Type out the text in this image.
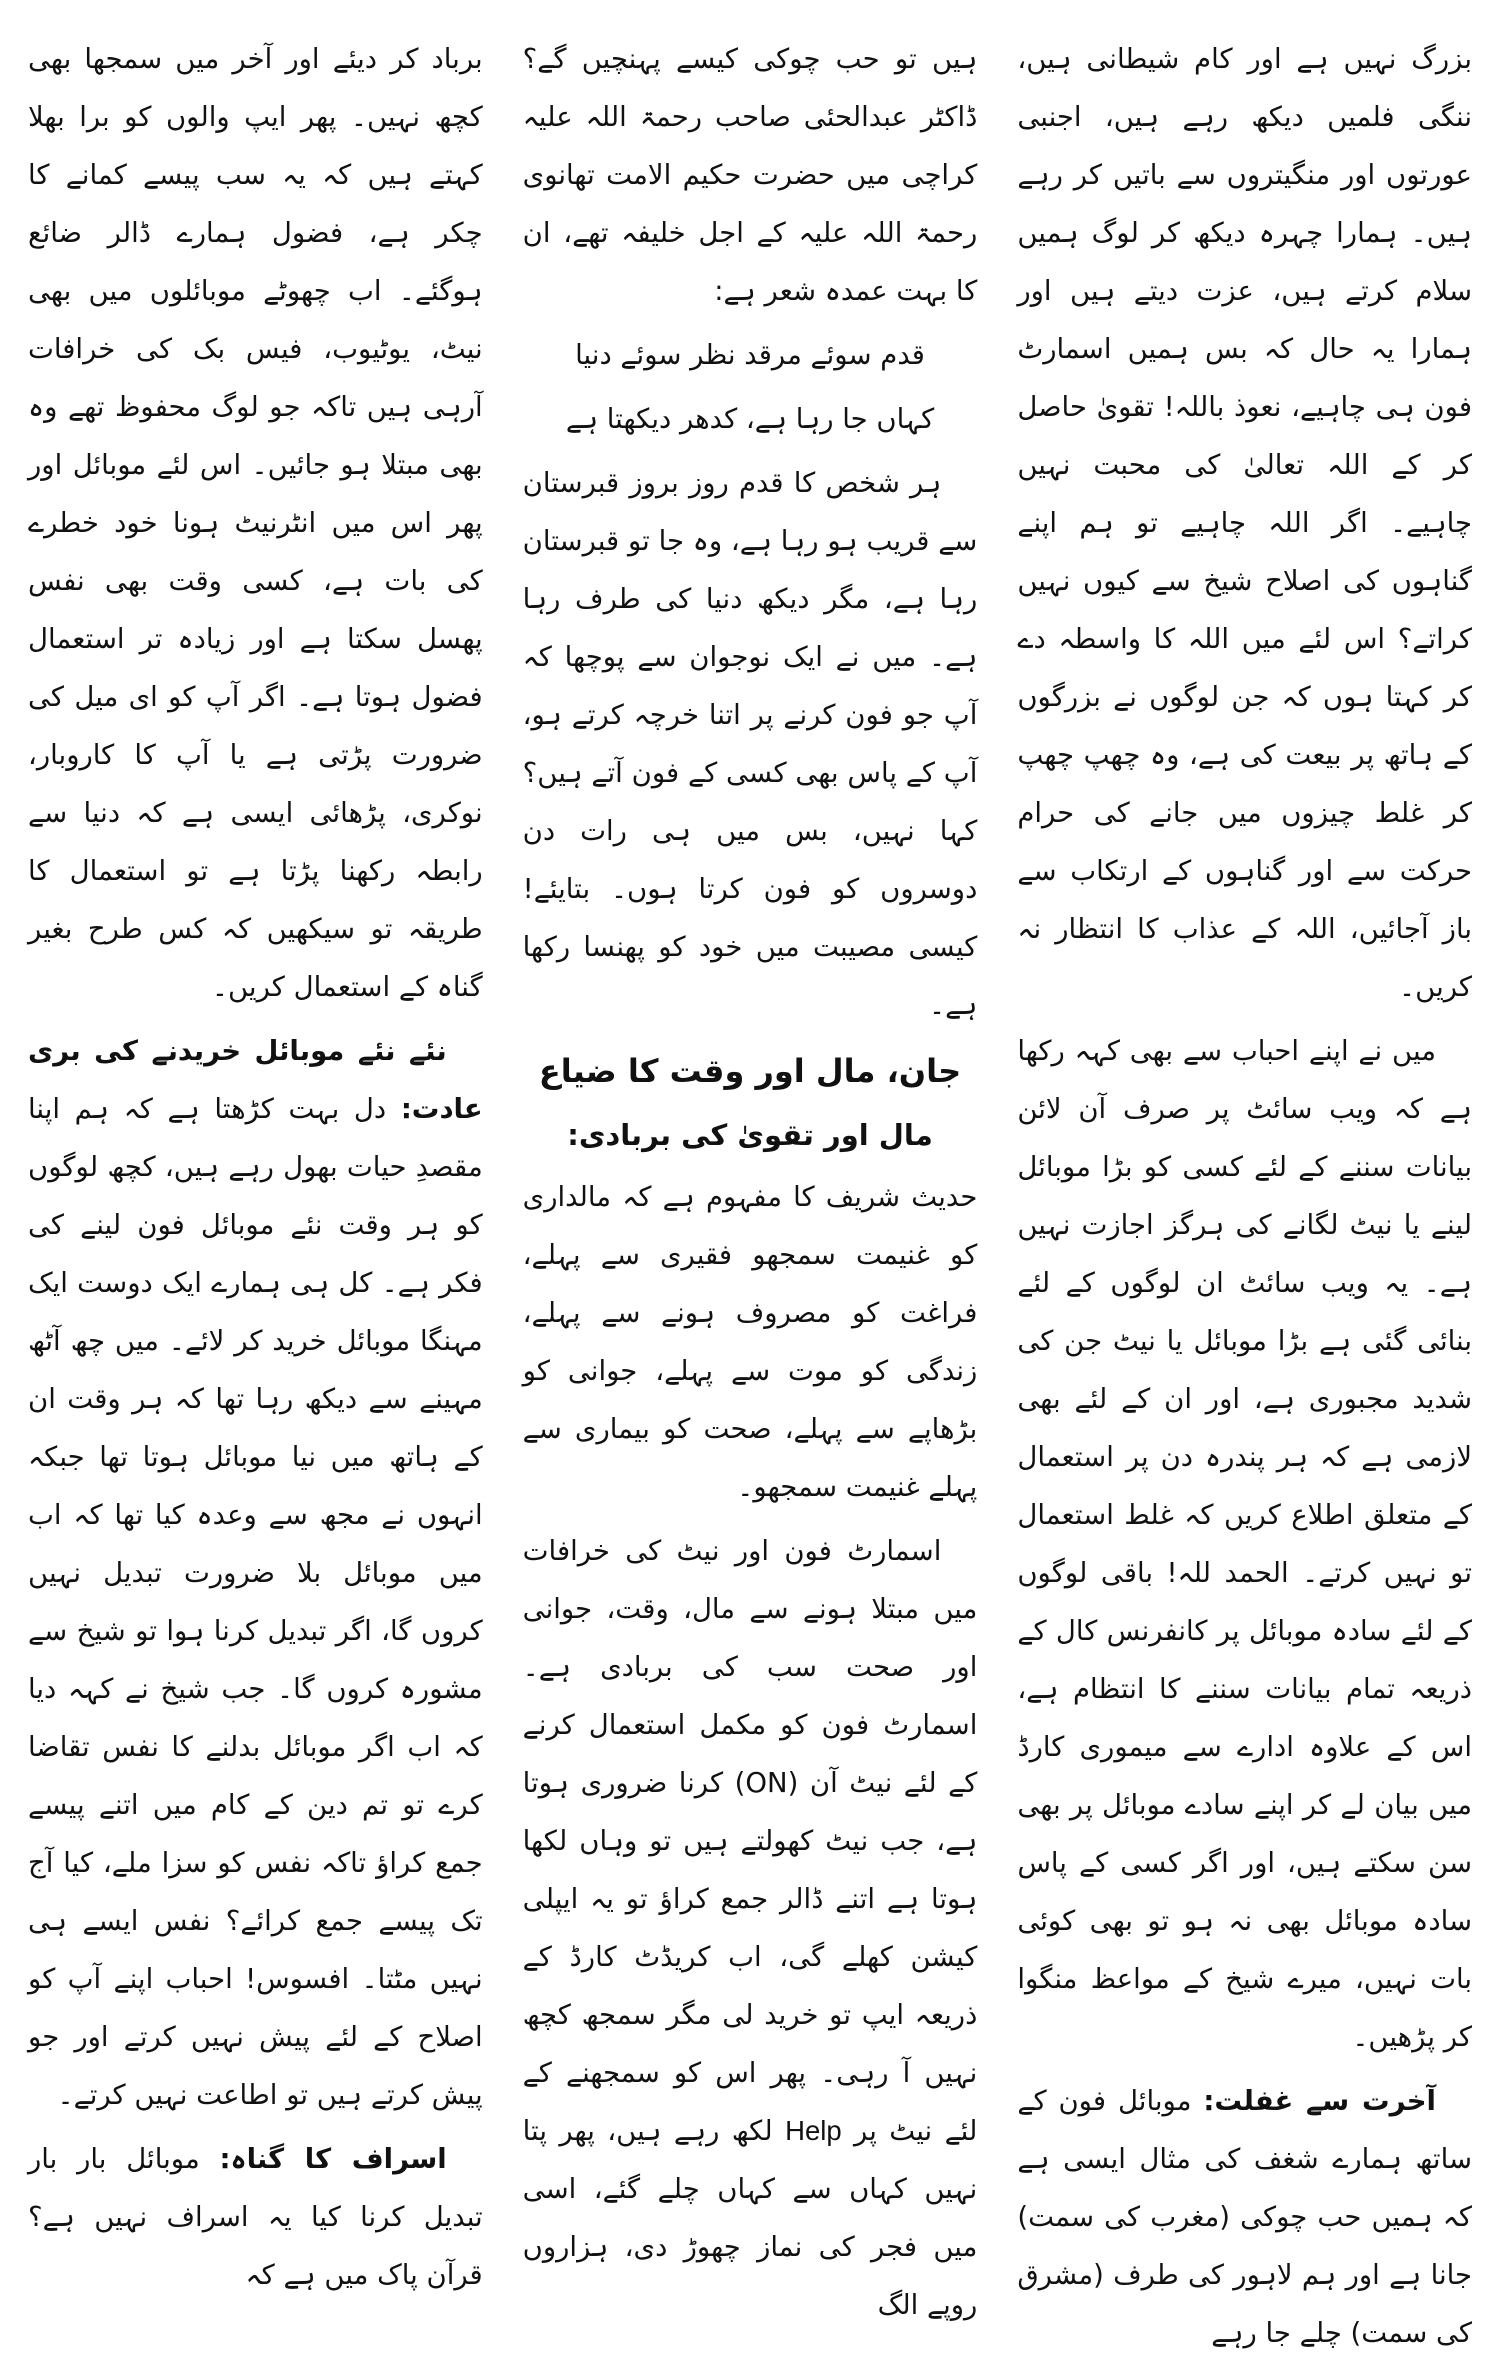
بزرگ نہیں ہے اور کام شیطانی ہیں، ننگی فلمیں دیکھ رہے ہیں، اجنبی عورتوں اور منگیتروں سے باتیں کر رہے ہیں۔ ہمارا چہرہ دیکھ کر لوگ ہمیں سلام کرتے ہیں، عزت دیتے ہیں اور ہمارا یہ حال کہ بس ہمیں اسمارٹ فون ہی چاہیے، نعوذ باللہ! تقویٰ حاصل کر کے اللہ تعالیٰ کی محبت نہیں چاہیے۔ اگر اللہ چاہیے تو ہم اپنے گناہوں کی اصلاح شیخ سے کیوں نہیں کراتے؟ اس لئے میں اللہ کا واسطہ دے کر کہتا ہوں کہ جن لوگوں نے بزرگوں کے ہاتھ پر بیعت کی ہے، وہ چھپ چھپ کر غلط چیزوں میں جانے کی حرام حرکت سے اور گناہوں کے ارتکاب سے باز آجائیں، اللہ کے عذاب کا انتظار نہ کریں۔

میں نے اپنے احباب سے بھی کہہ رکھا ہے کہ ویب سائٹ پر صرف آن لائن بیانات سننے کے لئے کسی کو بڑا موبائل لینے یا نیٹ لگانے کی ہرگز اجازت نہیں ہے۔ یہ ویب سائٹ ان لوگوں کے لئے بنائی گئی ہے بڑا موبائل یا نیٹ جن کی شدید مجبوری ہے، اور ان کے لئے بھی لازمی ہے کہ ہر پندرہ دن پر استعمال کے متعلق اطلاع کریں کہ غلط استعمال تو نہیں کرتے۔ الحمد للہ! باقی لوگوں کے لئے سادہ موبائل پر کانفرنس کال کے ذریعہ تمام بیانات سننے کا انتظام ہے، اس کے علاوہ ادارے سے میموری کارڈ میں بیان لے کر اپنے سادے موبائل پر بھی سن سکتے ہیں، اور اگر کسی کے پاس سادہ موبائل بھی نہ ہو تو بھی کوئی بات نہیں، میرے شیخ کے مواعظ منگوا کر پڑھیں۔

آخرت سے غفلت: موبائل فون کے ساتھ ہمارے شغف کی مثال ایسی ہے کہ ہمیں حب چوکی (مغرب کی سمت) جانا ہے اور ہم لاہور کی طرف (مشرق کی سمت) چلے جا رہے

ہیں تو حب چوکی کیسے پہنچیں گے؟ ڈاکٹر عبدالحئی صاحب رحمۃ اللہ علیہ کراچی میں حضرت حکیم الامت تھانوی رحمۃ اللہ علیہ کے اجل خلیفہ تھے، ان کا بہت عمدہ شعر ہے:

قدم سوئے مرقد نظر سوئے دنیا

کہاں جا رہا ہے، کدھر دیکھتا ہے

ہر شخص کا قدم روز بروز قبرستان سے قریب ہو رہا ہے، وہ جا تو قبرستان رہا ہے، مگر دیکھ دنیا کی طرف رہا ہے۔ میں نے ایک نوجوان سے پوچھا کہ آپ جو فون کرنے پر اتنا خرچہ کرتے ہو، آپ کے پاس بھی کسی کے فون آتے ہیں؟ کہا نہیں، بس میں ہی رات دن دوسروں کو فون کرتا ہوں۔ بتایئے! کیسی مصیبت میں خود کو پھنسا رکھا ہے۔

جان، مال اور وقت کا ضیاع
مال اور تقویٰ کی بربادی:

حدیث شریف کا مفہوم ہے کہ مالداری کو غنیمت سمجھو فقیری سے پہلے، فراغت کو مصروف ہونے سے پہلے، زندگی کو موت سے پہلے، جوانی کو بڑھاپے سے پہلے، صحت کو بیماری سے پہلے غنیمت سمجھو۔

اسمارٹ فون اور نیٹ کی خرافات میں مبتلا ہونے سے مال، وقت، جوانی اور صحت سب کی بربادی ہے۔ اسمارٹ فون کو مکمل استعمال کرنے کے لئے نیٹ آن (ON) کرنا ضروری ہوتا ہے، جب نیٹ کھولتے ہیں تو وہاں لکھا ہوتا ہے اتنے ڈالر جمع کراؤ تو یہ ایپلی کیشن کھلے گی، اب کریڈٹ کارڈ کے ذریعہ ایپ تو خرید لی مگر سمجھ کچھ نہیں آ رہی۔ پھر اس کو سمجھنے کے لئے نیٹ پر Help لکھ رہے ہیں، پھر پتا نہیں کہاں سے کہاں چلے گئے، اسی میں فجر کی نماز چھوڑ دی، ہزاروں روپے الگ

برباد کر دیئے اور آخر میں سمجھا بھی کچھ نہیں۔ پھر ایپ والوں کو برا بھلا کہتے ہیں کہ یہ سب پیسے کمانے کا چکر ہے، فضول ہمارے ڈالر ضائع ہوگئے۔ اب چھوٹے موبائلوں میں بھی نیٹ، یوٹیوب، فیس بک کی خرافات آرہی ہیں تاکہ جو لوگ محفوظ تھے وہ بھی مبتلا ہو جائیں۔ اس لئے موبائل اور پھر اس میں انٹرنیٹ ہونا خود خطرے کی بات ہے، کسی وقت بھی نفس پھسل سکتا ہے اور زیادہ تر استعمال فضول ہوتا ہے۔ اگر آپ کو ای میل کی ضرورت پڑتی ہے یا آپ کا کاروبار، نوکری، پڑھائی ایسی ہے کہ دنیا سے رابطہ رکھنا پڑتا ہے تو استعمال کا طریقہ تو سیکھیں کہ کس طرح بغیر گناہ کے استعمال کریں۔

نئے نئے موبائل خریدنے کی بری عادت: دل بہت کڑھتا ہے کہ ہم اپنا مقصدِ حیات بھول رہے ہیں، کچھ لوگوں کو ہر وقت نئے موبائل فون لینے کی فکر ہے۔ کل ہی ہمارے ایک دوست ایک مہنگا موبائل خرید کر لائے۔ میں چھ آٹھ مہینے سے دیکھ رہا تھا کہ ہر وقت ان کے ہاتھ میں نیا موبائل ہوتا تھا جبکہ انہوں نے مجھ سے وعدہ کیا تھا کہ اب میں موبائل بلا ضرورت تبدیل نہیں کروں گا، اگر تبدیل کرنا ہوا تو شیخ سے مشورہ کروں گا۔ جب شیخ نے کہہ دیا کہ اب اگر موبائل بدلنے کا نفس تقاضا کرے تو تم دین کے کام میں اتنے پیسے جمع کراؤ تاکہ نفس کو سزا ملے، کیا آج تک پیسے جمع کرائے؟ نفس ایسے ہی نہیں مٹتا۔ افسوس! احباب اپنے آپ کو اصلاح کے لئے پیش نہیں کرتے اور جو پیش کرتے ہیں تو اطاعت نہیں کرتے۔

اسراف کا گناہ: موبائل بار بار تبدیل کرنا کیا یہ اسراف نہیں ہے؟ قرآن پاک میں ہے کہ
